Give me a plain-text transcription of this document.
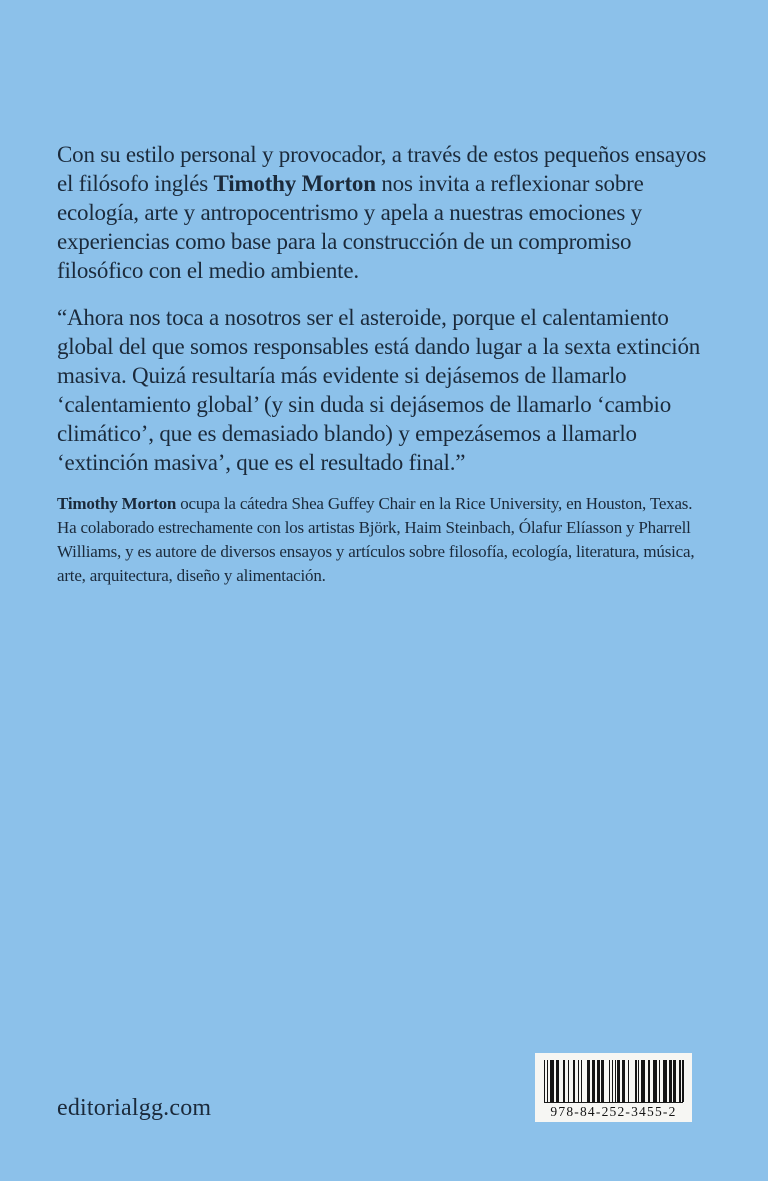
Con su estilo personal y provocador, a través de estos pequeños ensayos el filósofo inglés Timothy Morton nos invita a reflexionar sobre ecología, arte y antropocentrismo y apela a nuestras emociones y experiencias como base para la construcción de un compromiso filosófico con el medio ambiente.

“Ahora nos toca a nosotros ser el asteroide, porque el calentamiento global del que somos responsables está dando lugar a la sexta extinción masiva. Quizá resultaría más evidente si dejásemos de llamarlo ‘calentamiento global’ (y sin duda si dejásemos de llamarlo ‘cambio climático’, que es demasiado blando) y empezásemos a llamarlo ‘extinción masiva’, que es el resultado final.”

Timothy Morton ocupa la cátedra Shea Guffey Chair en la Rice University, en Houston, Texas. Ha colaborado estrechamente con los artistas Björk, Haim Steinbach, Ólafur Elíasson y Pharrell Williams, y es autore de diversos ensayos y artículos sobre filosofía, ecología, literatura, música, arte, arquitectura, diseño y alimentación.

editorialgg.com	978-84-252-3455-2
